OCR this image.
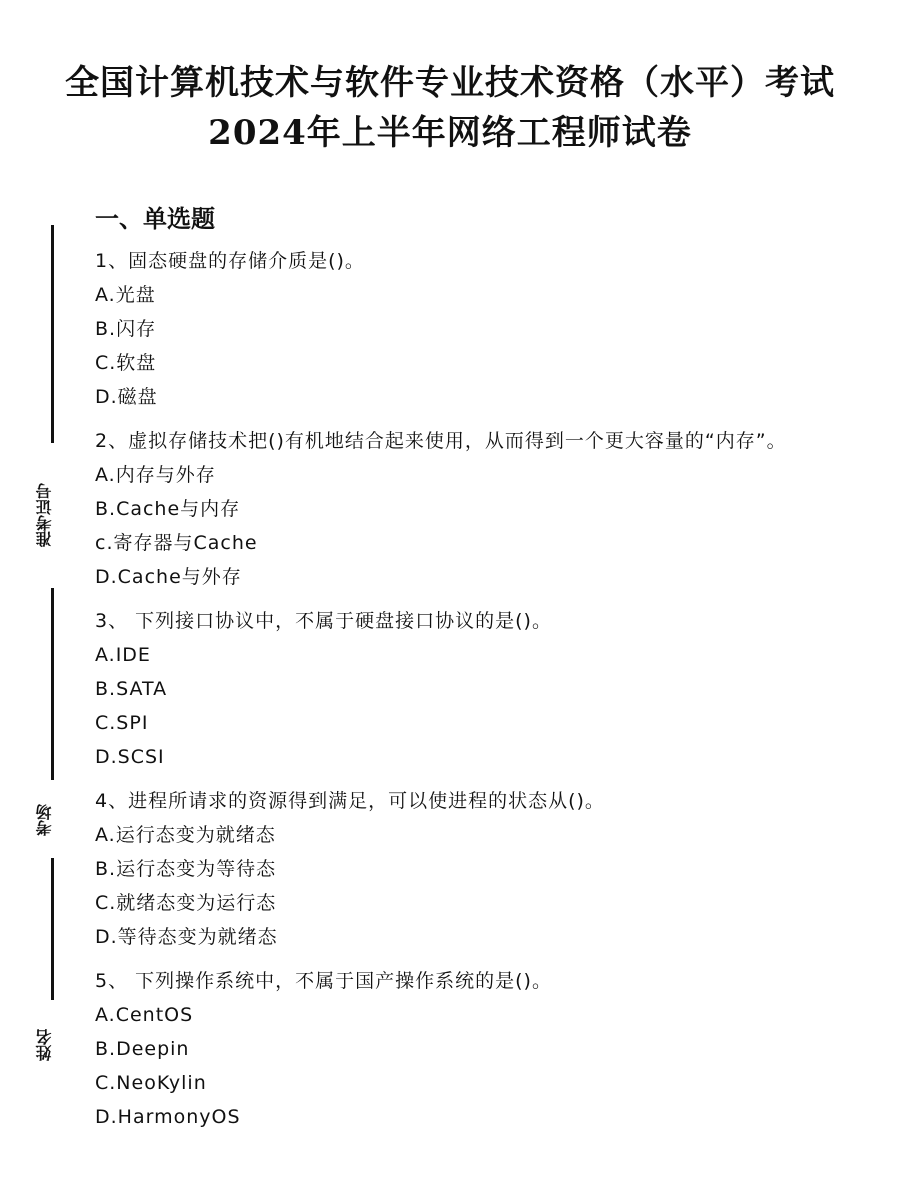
全国计算机技术与软件专业技术资格（水平）考试
2024年上半年网络工程师试卷
准考证号
考场
姓名
一、单选题
1、固态硬盘的存储介质是()。
A.光盘
B.闪存
C.软盘
D.磁盘
2、虚拟存储技术把()有机地结合起来使用，从而得到一个更大容量的“内存”。
A.内存与外存
B.Cache与内存
c.寄存器与Cache
D.Cache与外存
3、 下列接口协议中，不属于硬盘接口协议的是()。
A.IDE
B.SATA
C.SPI
D.SCSI
4、进程所请求的资源得到满足，可以使进程的状态从()。
A.运行态变为就绪态
B.运行态变为等待态
C.就绪态变为运行态
D.等待态变为就绪态
5、 下列操作系统中，不属于国产操作系统的是()。
A.CentOS
B.Deepin
C.NeoKylin
D.HarmonyOS
